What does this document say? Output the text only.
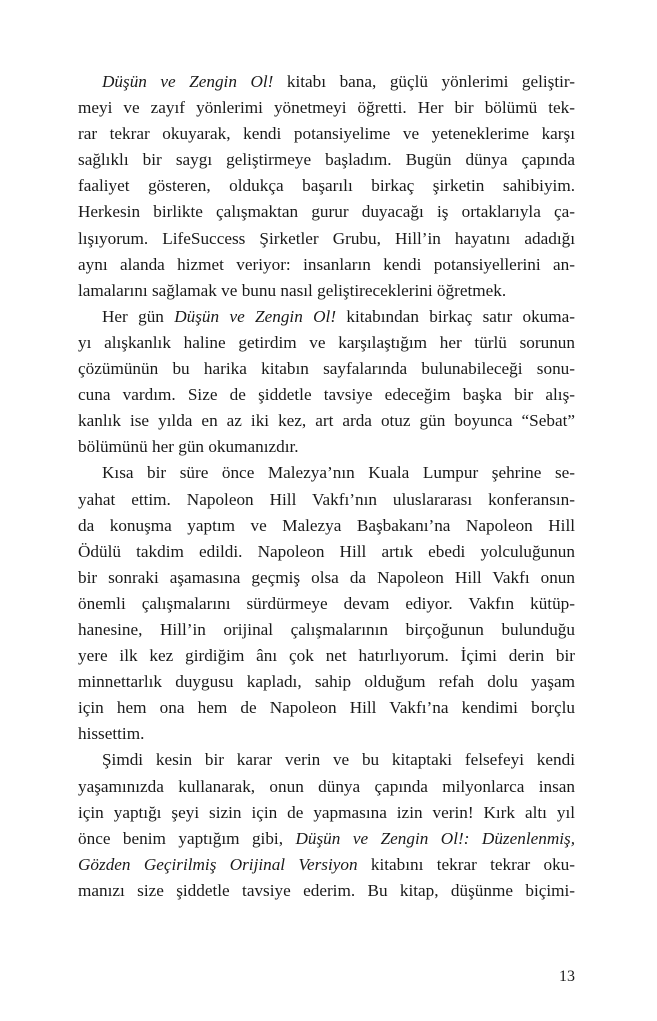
Düşün ve Zengin Ol! kitabı bana, güçlü yönlerimi geliştir-
meyi ve zayıf yönlerimi yönetmeyi öğretti. Her bir bölümü tek-
rar tekrar okuyarak, kendi potansiyelime ve yeteneklerime karşı
sağlıklı bir saygı geliştirmeye başladım. Bugün dünya çapında
faaliyet gösteren, oldukça başarılı birkaç şirketin sahibiyim.
Herkesin birlikte çalışmaktan gurur duyacağı iş ortaklarıyla ça-
lışıyorum. LifeSuccess Şirketler Grubu, Hill’in hayatını adadığı
aynı alanda hizmet veriyor: insanların kendi potansiyellerini an-
lamalarını sağlamak ve bunu nasıl geliştireceklerini öğretmek.

Her gün Düşün ve Zengin Ol! kitabından birkaç satır okuma-
yı alışkanlık haline getirdim ve karşılaştığım her türlü sorunun
çözümünün bu harika kitabın sayfalarında bulunabileceği sonu-
cuna vardım. Size de şiddetle tavsiye edeceğim başka bir alış-
kanlık ise yılda en az iki kez, art arda otuz gün boyunca “Sebat”
bölümünü her gün okumanızdır.

Kısa bir süre önce Malezya’nın Kuala Lumpur şehrine se-
yahat ettim. Napoleon Hill Vakfı’nın uluslararası konferansın-
da konuşma yaptım ve Malezya Başbakanı’na Napoleon Hill
Ödülü takdim edildi. Napoleon Hill artık ebedi yolculuğunun
bir sonraki aşamasına geçmiş olsa da Napoleon Hill Vakfı onun
önemli çalışmalarını sürdürmeye devam ediyor. Vakfın kütüp-
hanesine, Hill’in orijinal çalışmalarının birçoğunun bulunduğu
yere ilk kez girdiğim ânı çok net hatırlıyorum. İçimi derin bir
minnettarlık duygusu kapladı, sahip olduğum refah dolu yaşam
için hem ona hem de Napoleon Hill Vakfı’na kendimi borçlu
hissettim.

Şimdi kesin bir karar verin ve bu kitaptaki felsefeyi kendi
yaşamınızda kullanarak, onun dünya çapında milyonlarca insan
için yaptığı şeyi sizin için de yapmasına izin verin! Kırk altı yıl
önce benim yaptığım gibi, Düşün ve Zengin Ol!: Düzenlenmiş,
Gözden Geçirilmiş Orijinal Versiyon kitabını tekrar tekrar oku-
manızı size şiddetle tavsiye ederim. Bu kitap, düşünme biçimi-

13
